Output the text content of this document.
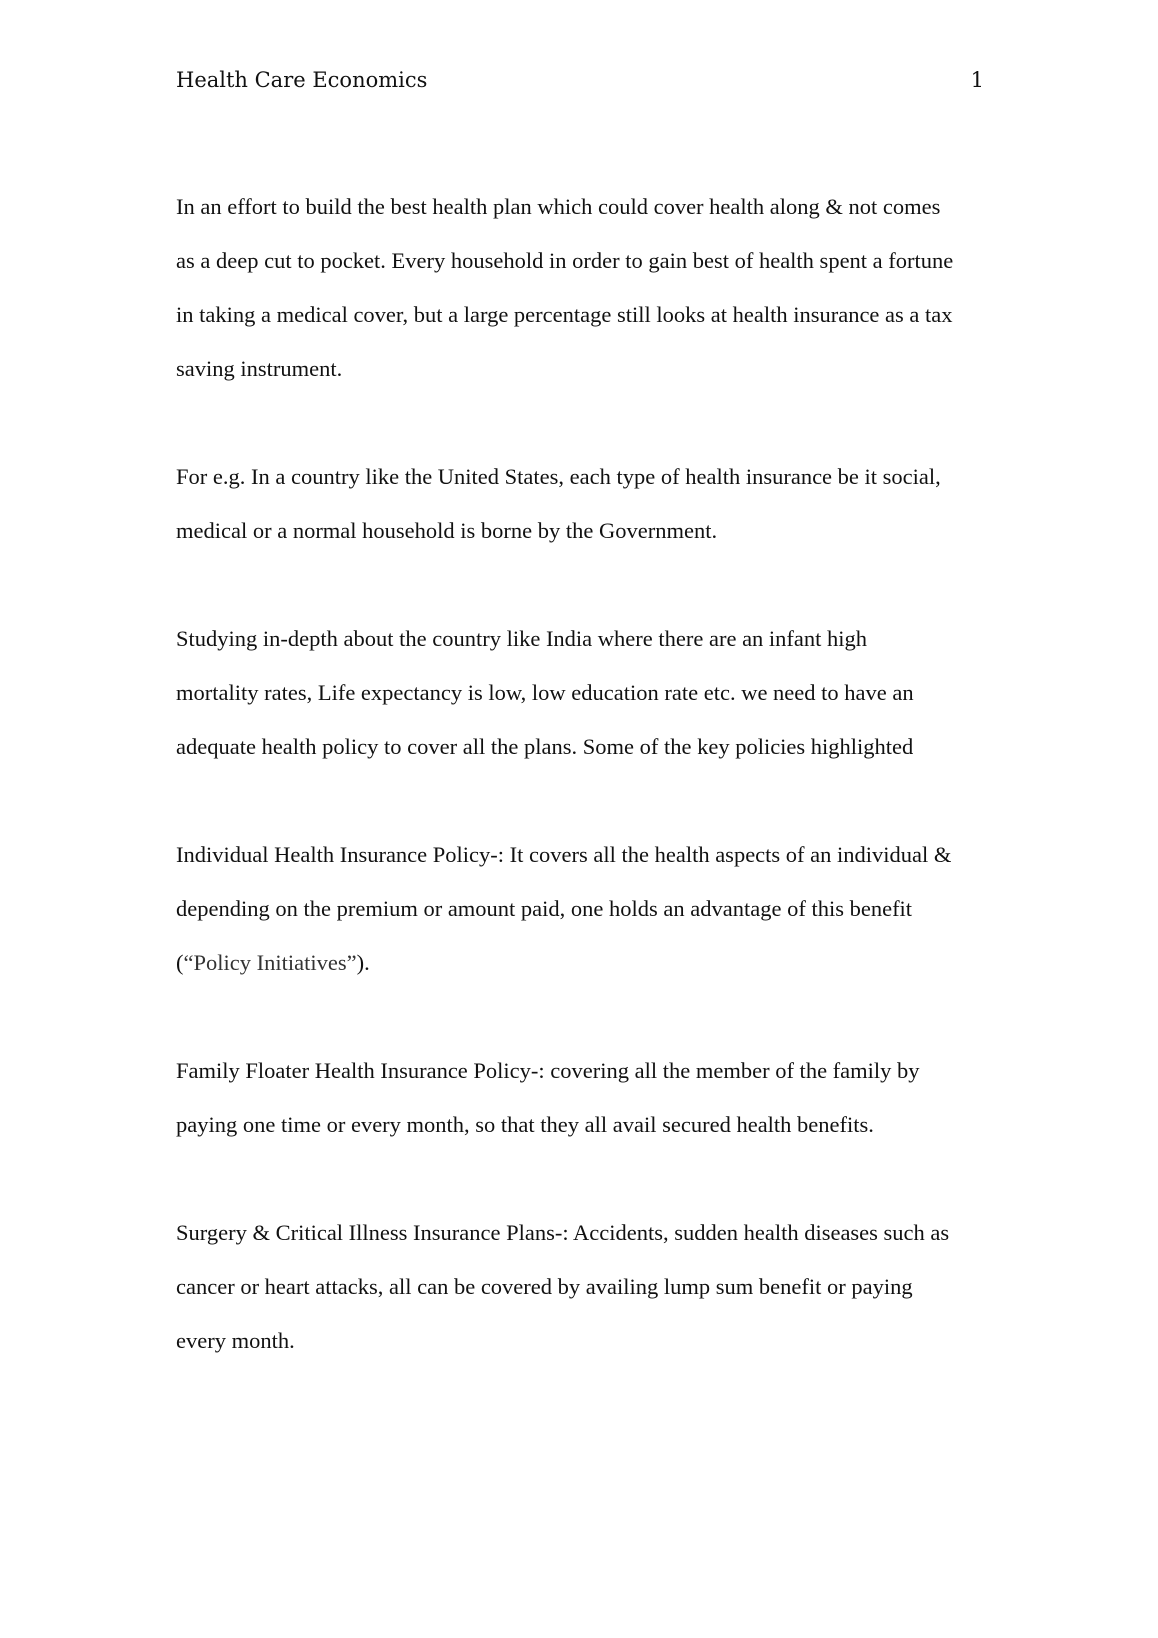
Health Care Economics	1
In an effort to build the best health plan which could cover health along & not comes
as a deep cut to pocket. Every household in order to gain best of health spent a fortune
in taking a medical cover, but a large percentage still looks at health insurance as a tax
saving instrument.
For e.g. In a country like the United States, each type of health insurance be it social,
medical or a normal household is borne by the Government.
Studying in-depth about the country like India where there are an infant high
mortality rates, Life expectancy is low, low education rate etc. we need to have an
adequate health policy to cover all the plans. Some of the key policies highlighted
Individual Health Insurance Policy-: It covers all the health aspects of an individual &
depending on the premium or amount paid, one holds an advantage of this benefit
(“Policy Initiatives”).
Family Floater Health Insurance Policy-: covering all the member of the family by
paying one time or every month, so that they all avail secured health benefits.
Surgery & Critical Illness Insurance Plans-: Accidents, sudden health diseases such as
cancer or heart attacks, all can be covered by availing lump sum benefit or paying
every month.
